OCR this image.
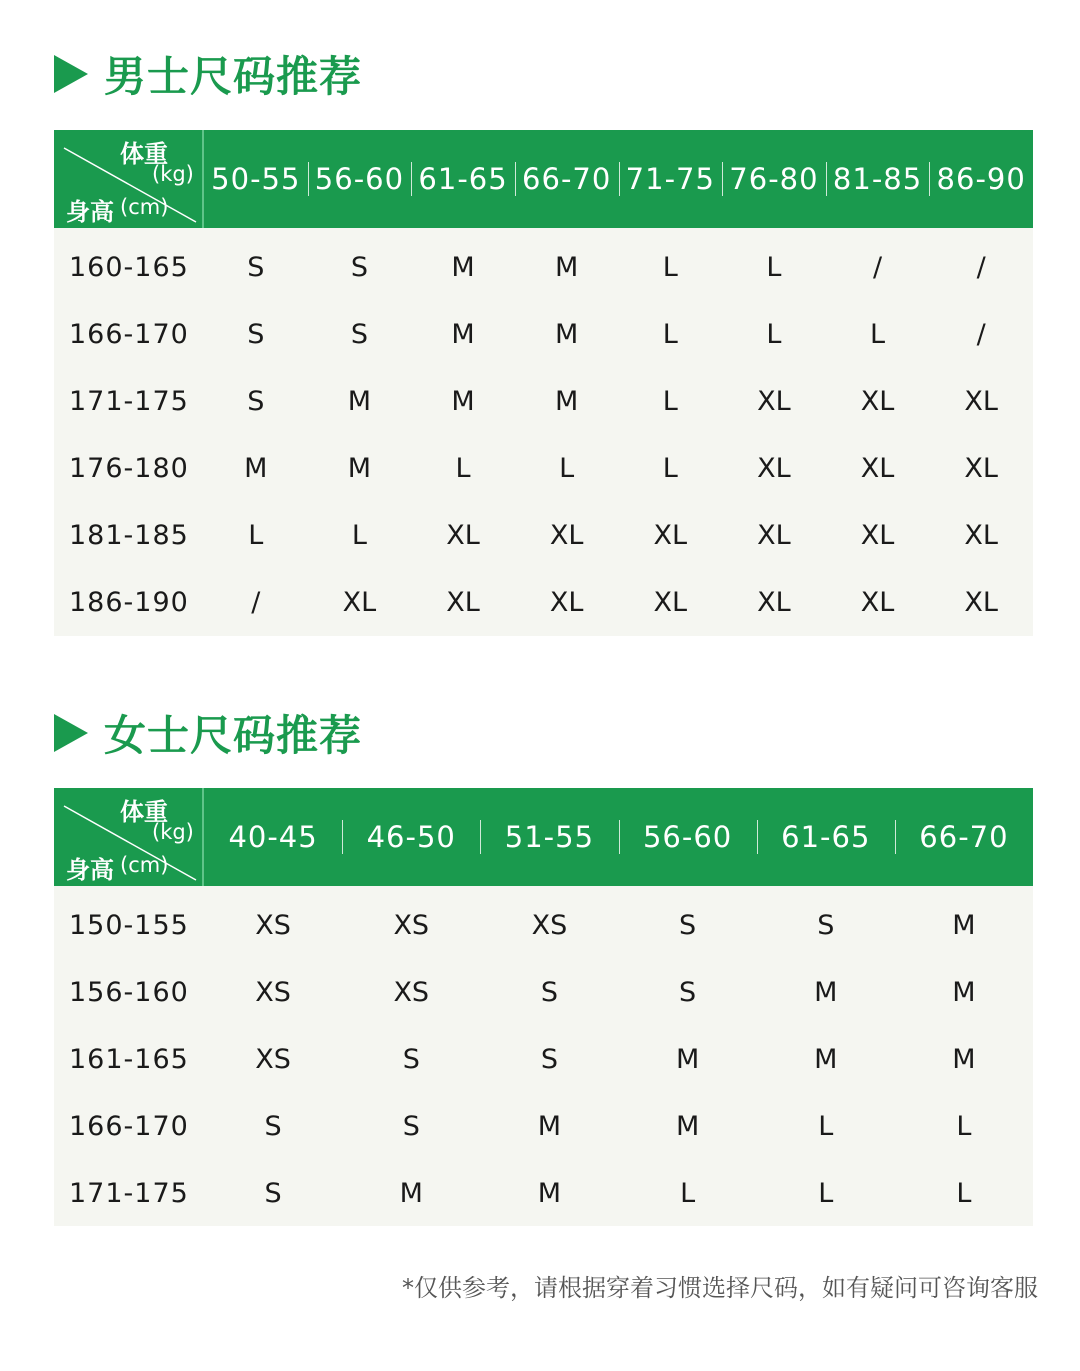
男士尺码推荐
体重
(kg)
身高 (cm)
50-55 56-60 61-65 66-70 71-75 76-80 81-85 86-90
160-165	S	S	M	M	L	L	/	/
166-170	S	S	M	M	L	L	L	/
171-175	S	M	M	M	L	XL	XL	XL
176-180	M	M	L	L	L	XL	XL	XL
181-185	L	L	XL	XL	XL	XL	XL	XL
186-190	/	XL	XL	XL	XL	XL	XL	XL
女士尺码推荐
体重
(kg)
身高 (cm)
40-45	46-50	51-55	56-60	61-65	66-70
150-155	XS	XS	XS	S	S	M
156-160	XS	XS	S	S	M	M
161-165	XS	S	S	M	M	M
166-170	S	S	M	M	L	L
171-175	S	M	M	L	L	L
*仅供参考，请根据穿着习惯选择尺码，如有疑问可咨询客服
